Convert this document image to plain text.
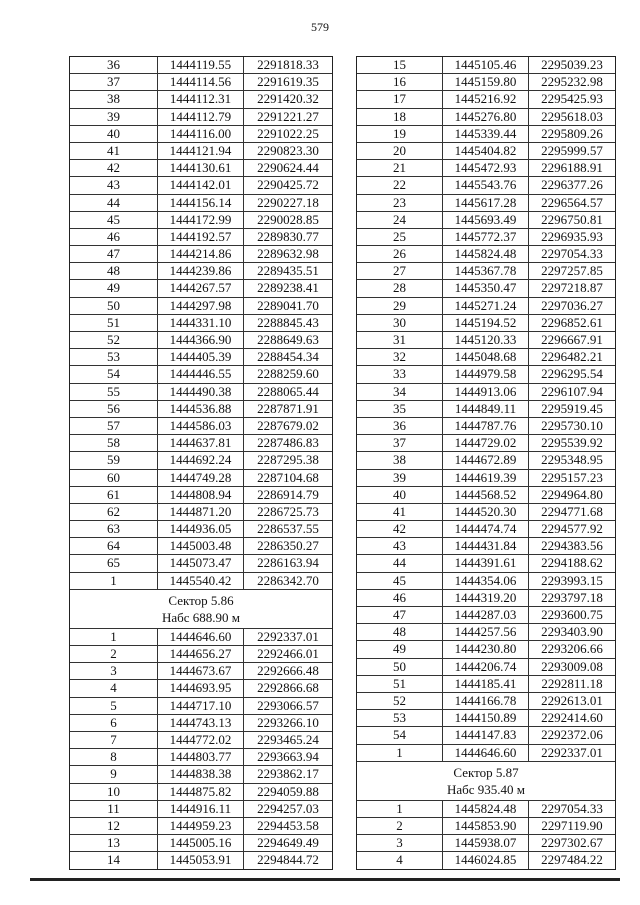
579
36	1444119.55	2291818.33
37	1444114.56	2291619.35
38	1444112.31	2291420.32
39	1444112.79	2291221.27
40	1444116.00	2291022.25
41	1444121.94	2290823.30
42	1444130.61	2290624.44
43	1444142.01	2290425.72
44	1444156.14	2290227.18
45	1444172.99	2290028.85
46	1444192.57	2289830.77
47	1444214.86	2289632.98
48	1444239.86	2289435.51
49	1444267.57	2289238.41
50	1444297.98	2289041.70
51	1444331.10	2288845.43
52	1444366.90	2288649.63
53	1444405.39	2288454.34
54	1444446.55	2288259.60
55	1444490.38	2288065.44
56	1444536.88	2287871.91
57	1444586.03	2287679.02
58	1444637.81	2287486.83
59	1444692.24	2287295.38
60	1444749.28	2287104.68
61	1444808.94	2286914.79
62	1444871.20	2286725.73
63	1444936.05	2286537.55
64	1445003.48	2286350.27
65	1445073.47	2286163.94
1	1445540.42	2286342.70
Сектор 5.86
Набс 688.90 м
1	1444646.60	2292337.01
2	1444656.27	2292466.01
3	1444673.67	2292666.48
4	1444693.95	2292866.68
5	1444717.10	2293066.57
6	1444743.13	2293266.10
7	1444772.02	2293465.24
8	1444803.77	2293663.94
9	1444838.38	2293862.17
10	1444875.82	2294059.88
11	1444916.11	2294257.03
12	1444959.23	2294453.58
13	1445005.16	2294649.49
14	1445053.91	2294844.72
15	1445105.46	2295039.23
16	1445159.80	2295232.98
17	1445216.92	2295425.93
18	1445276.80	2295618.03
19	1445339.44	2295809.26
20	1445404.82	2295999.57
21	1445472.93	2296188.91
22	1445543.76	2296377.26
23	1445617.28	2296564.57
24	1445693.49	2296750.81
25	1445772.37	2296935.93
26	1445824.48	2297054.33
27	1445367.78	2297257.85
28	1445350.47	2297218.87
29	1445271.24	2297036.27
30	1445194.52	2296852.61
31	1445120.33	2296667.91
32	1445048.68	2296482.21
33	1444979.58	2296295.54
34	1444913.06	2296107.94
35	1444849.11	2295919.45
36	1444787.76	2295730.10
37	1444729.02	2295539.92
38	1444672.89	2295348.95
39	1444619.39	2295157.23
40	1444568.52	2294964.80
41	1444520.30	2294771.68
42	1444474.74	2294577.92
43	1444431.84	2294383.56
44	1444391.61	2294188.62
45	1444354.06	2293993.15
46	1444319.20	2293797.18
47	1444287.03	2293600.75
48	1444257.56	2293403.90
49	1444230.80	2293206.66
50	1444206.74	2293009.08
51	1444185.41	2292811.18
52	1444166.78	2292613.01
53	1444150.89	2292414.60
54	1444147.83	2292372.06
1	1444646.60	2292337.01
Сектор 5.87
Набс 935.40 м
1	1445824.48	2297054.33
2	1445853.90	2297119.90
3	1445938.07	2297302.67
4	1446024.85	2297484.22
